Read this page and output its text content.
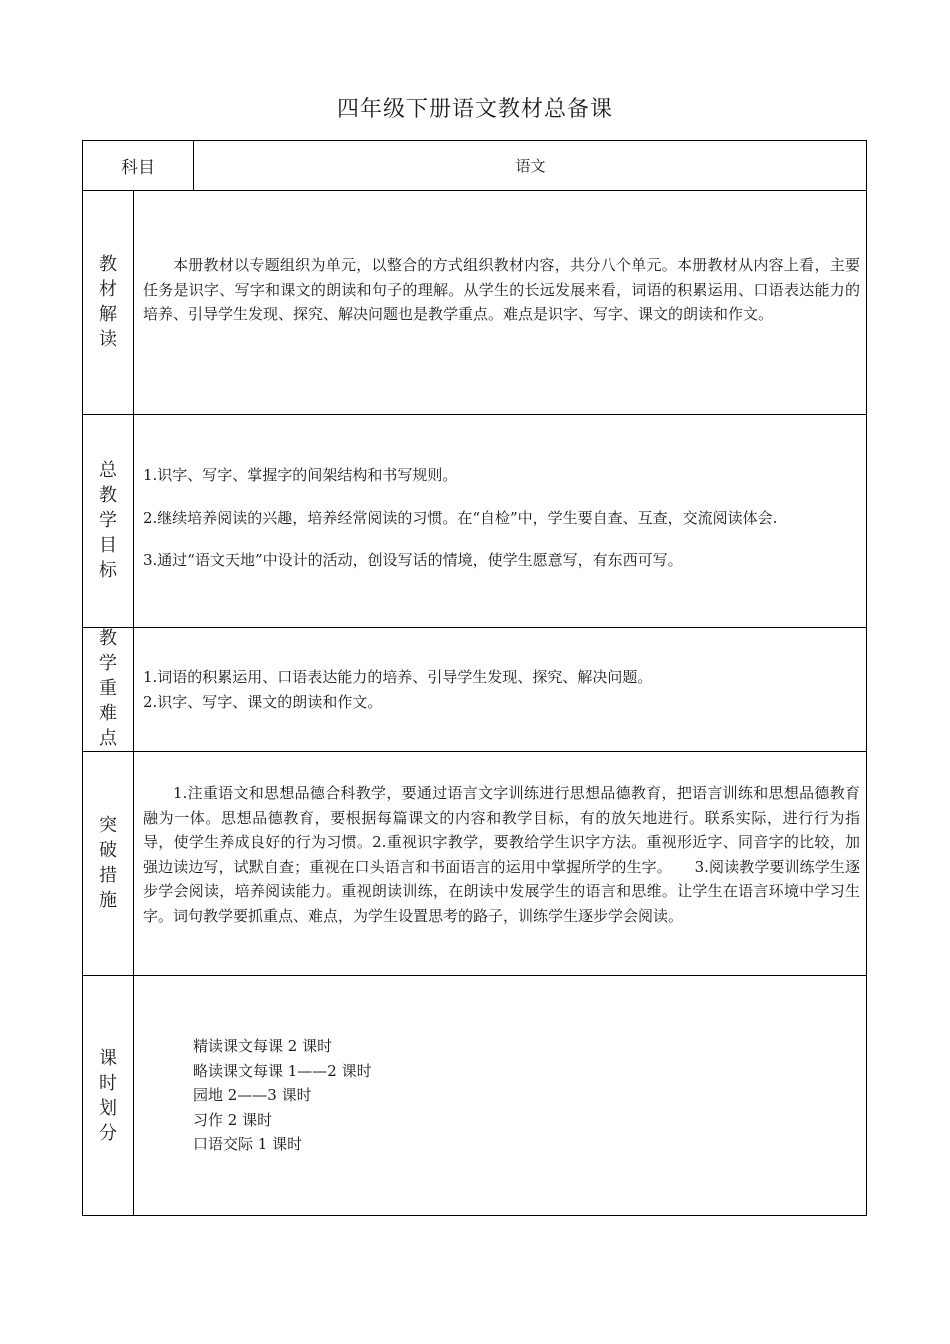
四年级下册语文教材总备课
科目	语文
教
材
解
读
本册教材以专题组织为单元，以整合的方式组织教材内容，共分八个单元。本册教材从内容上看，主要任务是识字、写字和课文的朗读和句子的理解。从学生的长远发展来看，词语的积累运用、口语表达能力的培养、引导学生发现、探究、解决问题也是教学重点。难点是识字、写字、课文的朗读和作文。
总
教
学
目
标

1.识字、写字、掌握字的间架结构和书写规则。

2.继续培养阅读的兴趣，培养经常阅读的习惯。在“自检”中，学生要自查、互查，交流阅读体会.

3.通过“语文天地”中设计的活动，创设写话的情境，使学生愿意写，有东西可写。

教
学
重
难
点

1.词语的积累运用、口语表达能力的培养、引导学生发现、探究、解决问题。

2.识字、写字、课文的朗读和作文。

突
破
措
施
1.注重语文和思想品德合科教学，要通过语言文字训练进行思想品德教育，把语言训练和思想品德教育融为一体。思想品德教育，要根据每篇课文的内容和教学目标，有的放矢地进行。联系实际，进行行为指导，使学生养成良好的行为习惯。2.重视识字教学，要教给学生识字方法。重视形近字、同音字的比较，加强边读边写，试默自查；重视在口头语言和书面语言的运用中掌握所学的生字。　　3.阅读教学要训练学生逐步学会阅读，培养阅读能力。重视朗读训练，在朗读中发展学生的语言和思维。让学生在语言环境中学习生字。词句教学要抓重点、难点，为学生设置思考的路子，训练学生逐步学会阅读。
课
时
划
分

精读课文每课 2 课时

略读课文每课 1——2 课时

园地 2——3 课时

习作 2 课时

口语交际 1 课时
